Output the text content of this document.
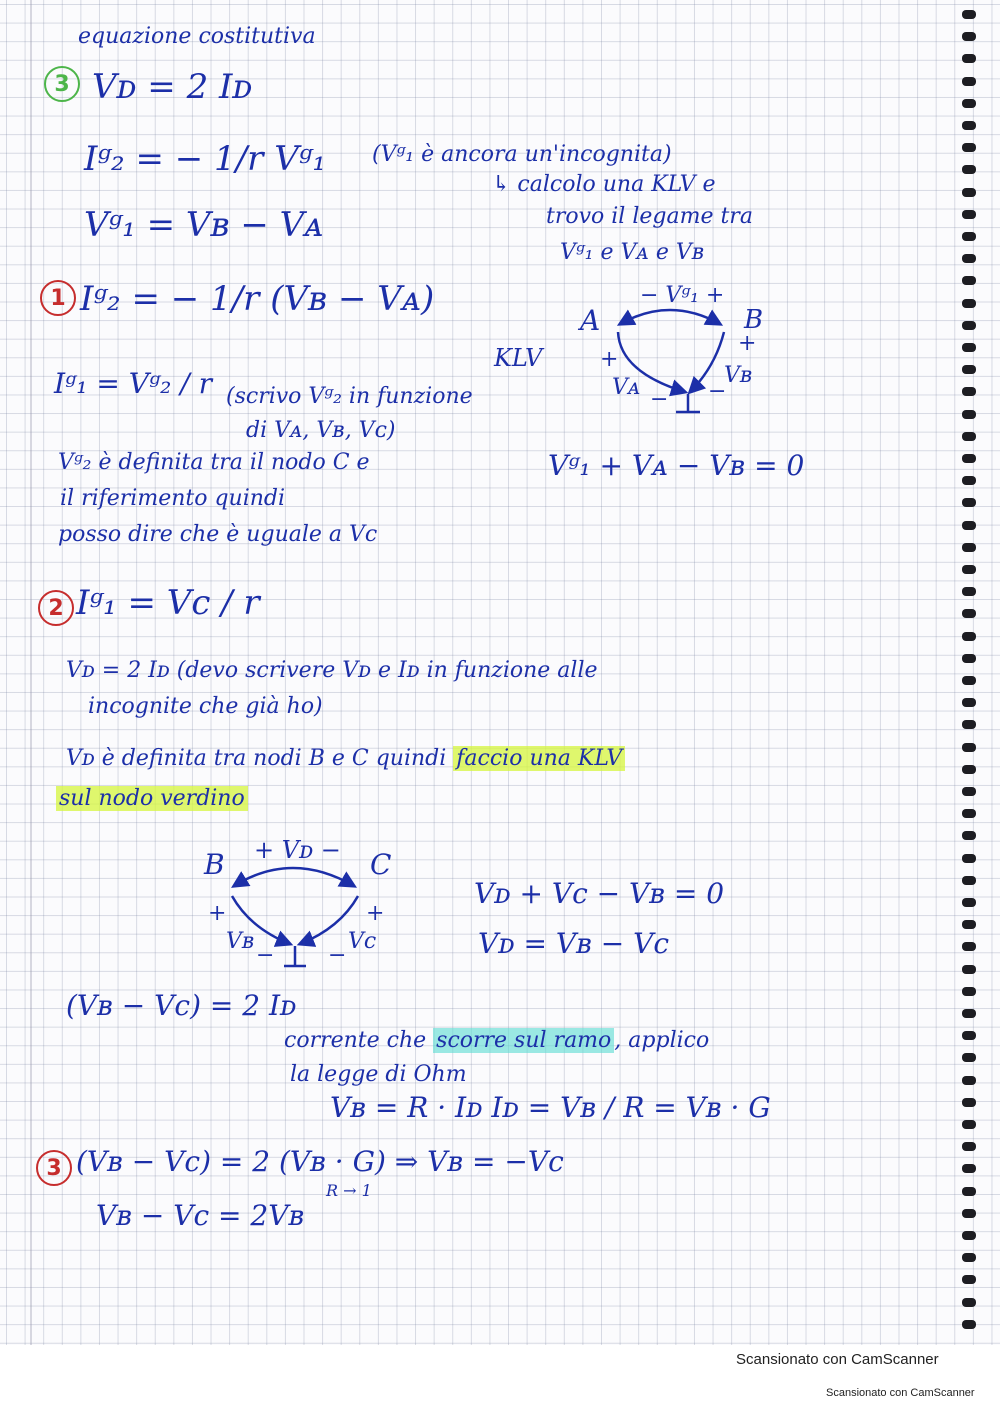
equazione costitutiva
3 Vᴅ = 2 Iᴅ
Iᵍ₂ = − 1/r Vᵍ₁ (Vᵍ₁ è ancora un'incognita)
↳ calcolo una KLV e
trovo il legame tra
Vᵍ₁ e Vᴀ e Vʙ
Vᵍ₁ = Vʙ − Vᴀ
1 Iᵍ₂ = − 1/r (Vʙ − Vᴀ)
A	B
− Vᵍ₁ +
+
+
Vᴀ	Vʙ
− −
KLV
Iᵍ₁ = Vᵍ₂ / r (scrivo Vᵍ₂ in funzione
di Vᴀ, Vʙ, Vᴄ)
Vᵍ₁ + Vᴀ − Vʙ = 0
Vᵍ₂ è definita tra il nodo C e
il riferimento quindi
posso dire che è uguale a Vc
2 Iᵍ₁ = Vc / r
Vᴅ = 2 Iᴅ (devo scrivere Vᴅ e Iᴅ in funzione alle
incognite che già ho)
Vᴅ è definita tra nodi B e C quindi faccio una KLV
sul nodo verdino
B	C
+ Vᴅ −
+	+
Vʙ	Vc
− −
Vᴅ + Vc − Vʙ = 0
Vᴅ = Vʙ − Vc
(Vʙ − Vc) = 2 Iᴅ
corrente che scorre sul ramo , applico
la legge di Ohm
Vʙ = R · Iᴅ Iᴅ = Vʙ / R = Vʙ · G
3 (Vʙ − Vc) = 2 (Vʙ · G) ⇒ Vʙ = −Vc
R → 1
Vʙ − Vc = 2Vʙ
Scansionato con CamScanner
Scansionato con CamScanner
